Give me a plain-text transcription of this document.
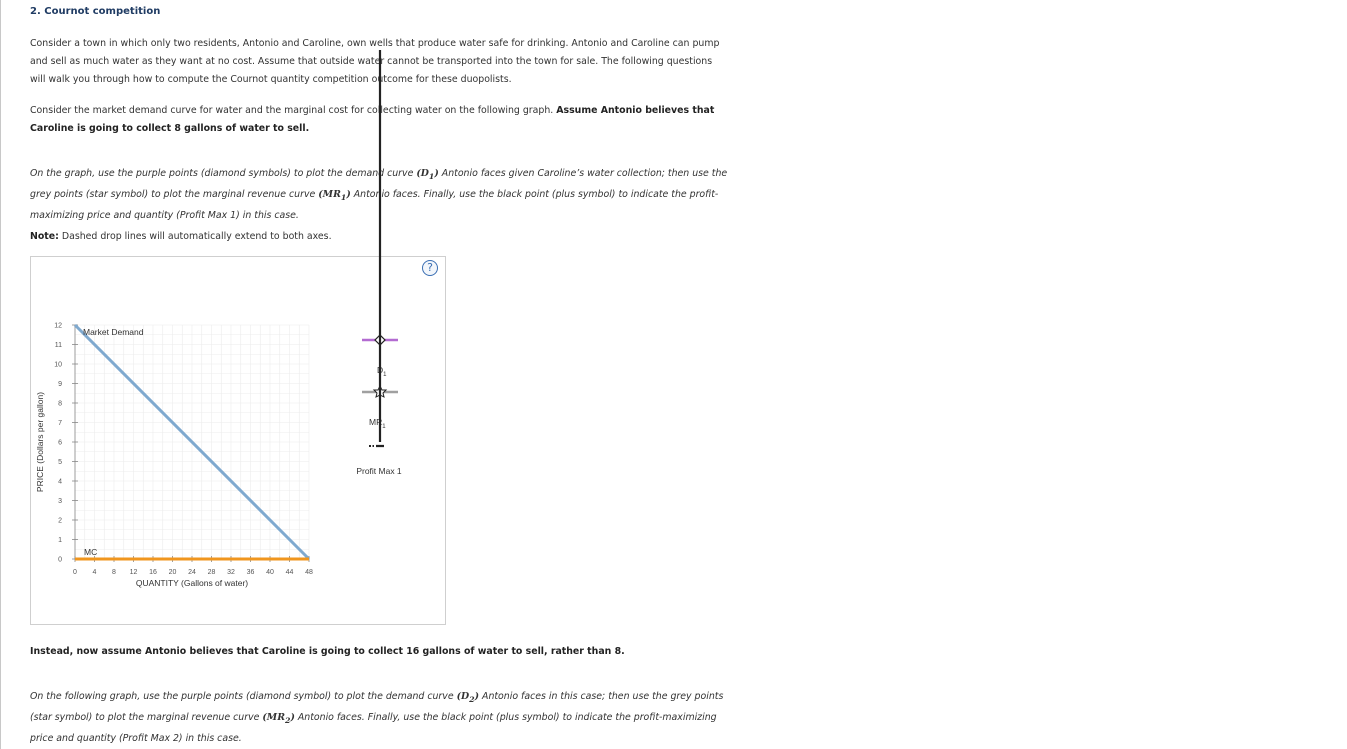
2. Cournot competition
Consider a town in which only two residents, Antonio and Caroline, own wells that produce water safe for drinking. Antonio and Caroline can pump and sell as much water as they want at no cost. Assume that outside water cannot be transported into the town for sale. The following questions will walk you through how to compute the Cournot quantity competition outcome for these duopolists.
Consider the market demand curve for water and the marginal cost for collecting water on the following graph. Assume Antonio believes that Caroline is going to collect 8 gallons of water to sell.
On the graph, use the purple points (diamond symbols) to plot the demand curve $(D_1)$ Antonio faces given Caroline’s water collection; then use the grey points (star symbol) to plot the marginal revenue curve $(MR_1)$ Antonio faces. Finally, use the black point (plus symbol) to indicate the profit-maximizing price and quantity (Profit Max 1) in this case.
Note: Dashed drop lines will automatically extend to both axes.
?
0
1
2
3
4
5
6
7
8
9
10
11
12
0 4 8 12 16 20 24 28 32 36 40 44 48
Market Demand
MC
PRICE (Dollars per gallon)
QUANTITY (Gallons of water)
$D_1$
$MR_1$
Profit Max 1
Instead, now assume Antonio believes that Caroline is going to collect 16 gallons of water to sell, rather than 8.
On the following graph, use the purple points (diamond symbol) to plot the demand curve $(D_2)$ Antonio faces in this case; then use the grey points (star symbol) to plot the marginal revenue curve $(MR_2)$ Antonio faces. Finally, use the black point (plus symbol) to indicate the profit-maximizing price and quantity (Profit Max 2) in this case.
